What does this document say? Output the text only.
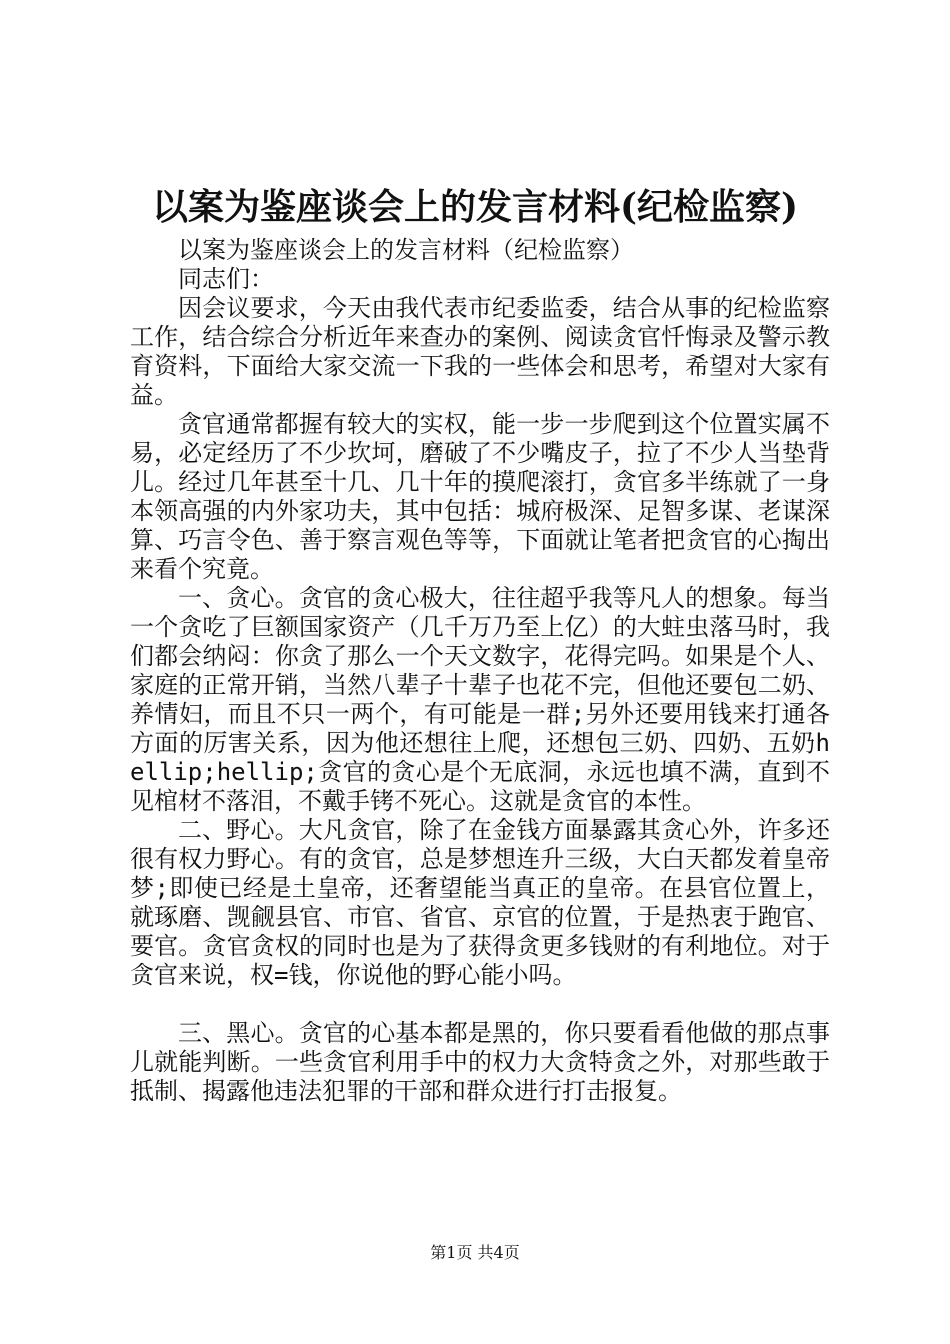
以案为鉴座谈会上的发言材料(纪检监察)

以案为鉴座谈会上的发言材料（纪检监察）

同志们：

因会议要求，今天由我代表市纪委监委，结合从事的纪检监察工作，结合综合分析近年来查办的案例、阅读贪官忏悔录及警示教育资料，下面给大家交流一下我的一些体会和思考，希望对大家有益。

贪官通常都握有较大的实权，能一步一步爬到这个位置实属不易，必定经历了不少坎坷，磨破了不少嘴皮子，拉了不少人当垫背儿。经过几年甚至十几、几十年的摸爬滚打，贪官多半练就了一身本领高强的内外家功夫，其中包括：城府极深、足智多谋、老谋深算、巧言令色、善于察言观色等等，下面就让笔者把贪官的心掏出来看个究竟。

一、贪心。贪官的贪心极大，往往超乎我等凡人的想象。每当一个贪吃了巨额国家资产（几千万乃至上亿）的大蛀虫落马时，我们都会纳闷：你贪了那么一个天文数字，花得完吗。如果是个人、家庭的正常开销，当然八辈子十辈子也花不完，但他还要包二奶、养情妇，而且不只一两个，有可能是一群;另外还要用钱来打通各方面的厉害关系，因为他还想往上爬，还想包三奶、四奶、五奶hellip;hellip;贪官的贪心是个无底洞，永远也填不满，直到不见棺材不落泪，不戴手铐不死心。这就是贪官的本性。

二、野心。大凡贪官，除了在金钱方面暴露其贪心外，许多还很有权力野心。有的贪官，总是梦想连升三级，大白天都发着皇帝梦;即使已经是土皇帝，还奢望能当真正的皇帝。在县官位置上，就琢磨、觊觎县官、市官、省官、京官的位置，于是热衷于跑官、要官。贪官贪权的同时也是为了获得贪更多钱财的有利地位。对于贪官来说，权=钱，你说他的野心能小吗。

三、黑心。贪官的心基本都是黑的，你只要看看他做的那点事儿就能判断。一些贪官利用手中的权力大贪特贪之外，对那些敢于抵制、揭露他违法犯罪的干部和群众进行打击报复。

第1页 共4页
